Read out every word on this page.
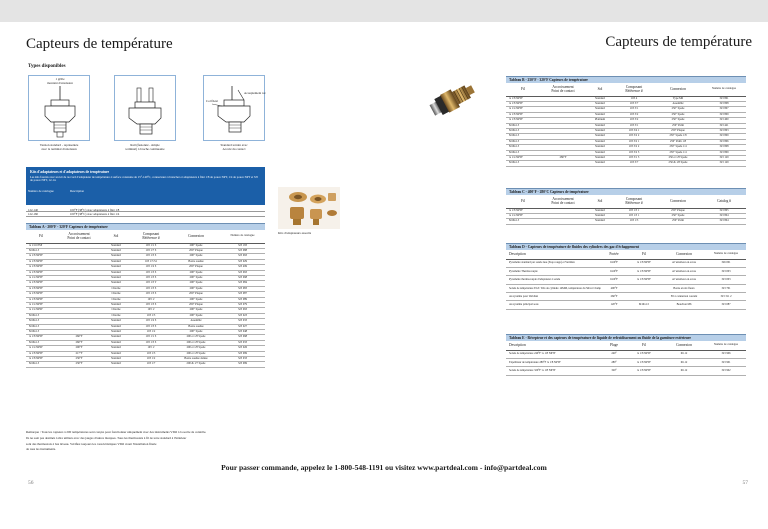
Capteurs de température
Types disponibles
1 grille
montant d'extension
Version standard - représentée
avec le terminal d'extension
Rail (fusionné - simple
terminal) à broche continuante
Col fileté
Acouplement rot
Standard terrain avec
Accolé du contact
Kits d'adaptateurs et d'adaptateurs de température
Les kits fournis avec un kit de raccord d'adaptateur de température à surface constante de 15°-140°C, connecteurs à brancher et adaptateurs à filet 1/8 de pouce NPT, 1/4 de pouce NPT et 3/8 de pouce NPT, 12-14.
Numéro de catalogue	Description
122-140	100°F (38°C) avec adaptateurs à filet 1/8
122-160	100°F (38°C) avec adaptateurs à filet 1/4
Kits d'adaptateurs assortis
Tableau A - 200°F - 320°F Capteurs de température
Fil	Accroissement
Point de contact	Sol	Composant
Référence #	Connexion	Numéro de catalogue
¼ 1/16 PSP		Standard	103 1/1 S	200° Spade	325 183
M16x1.5		Standard	103 1/7 S	200° Plaque	325 088
¼ 1/8 NPTF		Standard	103 1/3 S	200° Spade	325 093
¼ 1/8 NPTF		Standard	103 1/3 S1	Borne soudée	325 029
¼ 1/8 NPTF		Standard	103 1/2 S	200° Plaque	325 499
¼ 1/8 NPTF		Standard	103 1/3 S	200° Spade	325 093
¼ 1/4 NPTF		Standard	103 1/3 S	200° Spade	325 098
¼ 1/8 NPTF		Standard	103 1/3 T	200° Spade	325 084
¼ 1/8 NPTF		Chrome	103 1/3 S	200° Spade	325 083
¼ 1/8 NPTF		Chrome	103 1/3 S	200° Plaque	325 087
¼ 1/8 NPTF		Chrome	103 1/	200° Spade	325 089
¼ 1/4 NPTF		Standard	103 1/3 S	200° Plaque	325 079
¼ 1/4 NPSF		Chrome	103 1/	200° Spade	325 093
M16x1.5		Chrome	103 1/3	200° Spade	325 023
M16x1.5		Standard	103 1/2 S	Assemblé	325 033
M16x1.5		Standard	103 1/3 S	Borne soudée	325 027
M16x1.5		Standard	103 1/2	200° Spade	325 048
¼ 1/8 NPTF	260°F	Standard	103 1/1 S	200 et 1/8 Spade	325 098
M16x1.5	260°F	Standard	103 1/3 S	200 et 1/8 Spade	325 033
¼ 1/4 NPSF	290°F	Standard	103 1/	200 et 1/8 Spade	325 026
¼ 1/8 NPTF	217°F	Standard	103 1/3	200 et 1/8 Spade	325 099
¼ 1/8 NPTF	230°F	Standard	103 1/2	Borne soudée dentée	325 033
M16x1.5	230°F	Standard	103 1/7	200 & 1/7 Spade	325 099
Remarque : Tous les capteurs à 200 températures sont conçus pour fonctionner uniquement avec des instruments VDO à la sortie de contrôle.
Ils ne sont pas destinés à être utilisés avec des jauges d'autres marques. Tous les thermostats à fil de terre standard à l'intérieur
sont des thermostats à bas niveau. Vérifiez toujours les caractéristiques VDO avant l'installation finale
de tous les instruments.
Capteurs de température
Tableau B - 250°F - 320°F Capteurs de température
Fil	Accroissement
Point de contact	Sol	Composant
Référence #	Connexion	Numéro de catalogue
¼ 1/8 NPTF		Standard	103 4	Type M6	323 801
¼ 1/8 NPTF		Standard	103 3/7	Assemblé	323 808
¼ 1/4 NPTF		Standard	103 3/1	250° Spade	323 807
¼ 1/8 NPTF		Standard	103 3/2	250° Spade	323 809
¼ 1/8 NPTF		Platinum	103 3/2	250° Spade	323 400
M16x1.5		Standard	103 3/1	250° Palm	323 421
M16x1.5		Standard	103 3/4 1	250° Plaque	323 803
M16x1.5		Standard	103 3/2 2	250° Spade 1/8	323 809
M16x1.5		Standard	103 3/2 1	250° Palm 1/8	323 806
M16x1.5		Standard	103 3/2 2	250° Spade 1/4	323 808
M16x1.5		Standard	103 3/2 3	250° Spade 1/4	323 809
¼ 1/4 NPTF	280°F	Standard	103 3/1 3	250 et 1/8 Spade	323 129
M16x1.5		Standard	103 3/7	250 & 1/8 Spade	323 129
Tableau C - 400°F - 280°C Capteurs de température
Fil	Accroissement
Point de contact	Sol	Composant
Référence #	Connexion	Catalog #
¼ 1/8 NPTF		Standard	103 1/3 1	250° Plaque	323 805
¼ 1/4 NPTF		Standard	103 1/3 1	250° Spade	323 804
M16x1.5		Standard	103 1/3	250° Palm	323 804
Tableau D - Capteurs de température de fluides des cylindres des gaz d'échappement
Description	Portée	Fil	Connexion	Numéro de catalogue
Pyromètre standard par sonde nue (Stop rouge) et Veridian	0-60°F	¼ 1/8 NPTF	A l'extérieur en ecrou	326 001
Pyromètre Thermocouple	0-60°F	¼ 1/8 NPTF	A l'extérieur en ecrou	323 003
Pyromètre thermocouple d'adaptateur à sonde	0-60°F	¼ 1/8 NPTF	A l'extérieur en ecrou	323 003
Sonde de température EGT. Têts de cylindre 14MM, température du Silver Clamp	400°F		Borne en six fleurs	323 701
Au système pour Veridian	260°F		Fil à connexion courant	323 311 2
Au système principal sous	120°F	M16x1.5	Bouchon M6	323 087
Tableau E - Récepteur et des capteurs de température de liquide de refroidissement ou fluide de la garniture extérieure
Description	Plage	Fil	Connexion	Numéro de catalogue
Sonde de température 240°F ¼ 1/8 NPTF	240°	¼ 1/8 NPTF	60-12	323 906
Expéditeur de température 280°F ¼ 1/8 NPTF	280°	¼ 1/8 NPTF	60-12	323 901
Sonde de température 320°F ¼ 1/8 NPTF	320°	¼ 1/8 NPTF	60-12	323 902
Pour passer commande, appelez le 1-800-548-1191 ou visitez www.partdeal.com - info@partdeal.com
56	57
